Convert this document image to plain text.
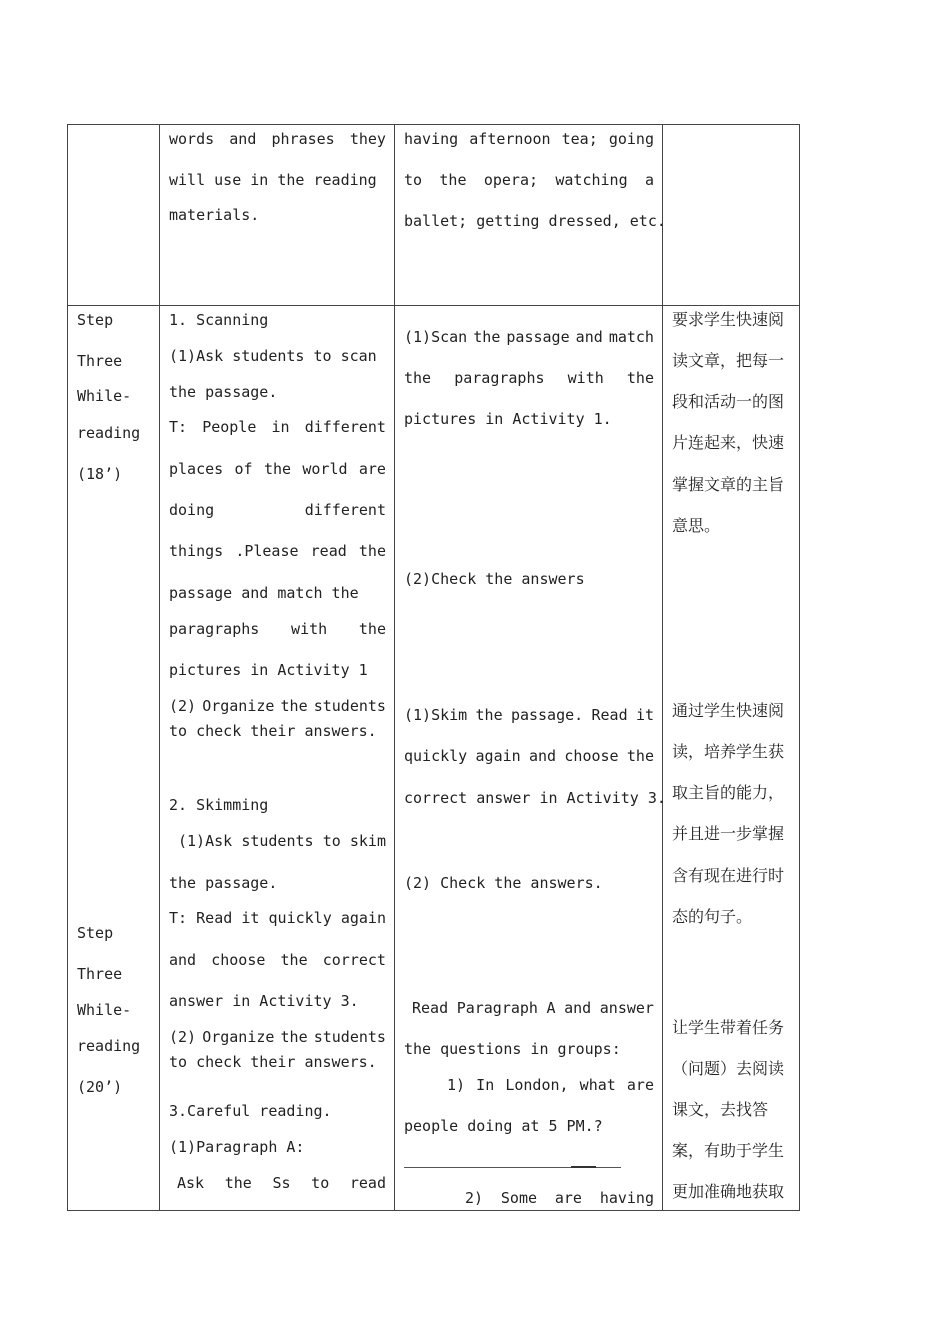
words and phrases they
will use in the reading
materials.
having afternoon tea; going
to the opera; watching a
ballet; getting dressed, etc.
Step
Three
While-
reading
(18’)
Step
Three
While-
reading
(20’)
1. Scanning
(1)Ask students to scan
the passage.
T: People in different
places of the world are
doing	different
things .Please read the
passage and match the
paragraphs with the
pictures in Activity 1
(2) Organize the students
to check their answers.
2. Skimming
(1)Ask students to skim
the passage.
T: Read it quickly again
and choose the correct
answer in Activity 3.
(2) Organize the students
to check their answers.
3.Careful reading.
(1)Paragraph A:
Ask the Ss to read
(1)Scan the passage and match
the paragraphs with the
pictures in Activity 1.
(2)Check the answers
(1)Skim the passage. Read it
quickly again and choose the
correct answer in Activity 3.
(2) Check the answers.
Read Paragraph A and answer
the questions in groups:
1) In London, what are
people doing at 5 PM.?
2) Some are having
要求学生快速阅
读文章，把每一
段和活动一的图
片连起来，快速
掌握文章的主旨
意思。
通过学生快速阅
读，培养学生获
取主旨的能力，
并且进一步掌握
含有现在进行时
态的句子。
让学生带着任务
（问题）去阅读
课文，去找答
案，有助于学生
更加准确地获取
